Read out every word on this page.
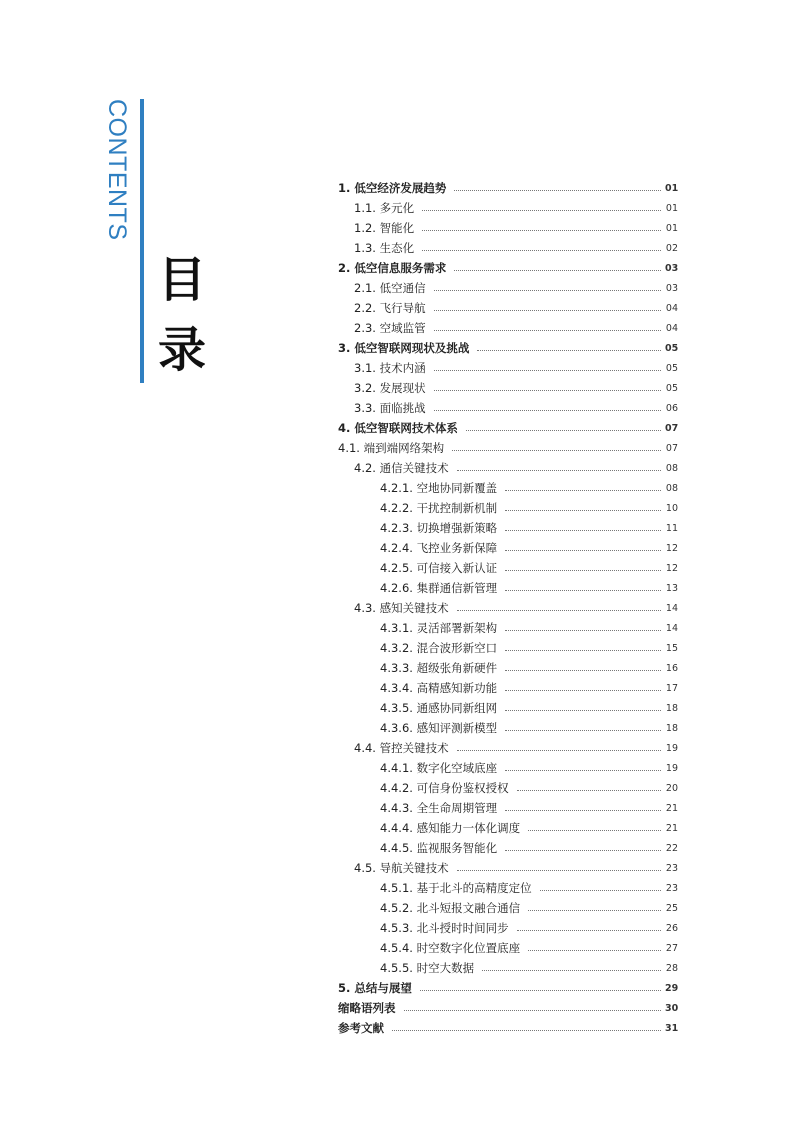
CONTENTS
目
录
1. 低空经济发展趋势	01
1.1. 多元化	01
1.2. 智能化	01
1.3. 生态化	02
2. 低空信息服务需求	03
2.1. 低空通信	03
2.2. 飞行导航	04
2.3. 空域监管	04
3. 低空智联网现状及挑战	05
3.1. 技术内涵	05
3.2. 发展现状	05
3.3. 面临挑战	06
4. 低空智联网技术体系	07
4.1. 端到端网络架构	07
4.2. 通信关键技术	08
4.2.1. 空地协同新覆盖	08
4.2.2. 干扰控制新机制	10
4.2.3. 切换增强新策略	11
4.2.4. 飞控业务新保障	12
4.2.5. 可信接入新认证	12
4.2.6. 集群通信新管理	13
4.3. 感知关键技术	14
4.3.1. 灵活部署新架构	14
4.3.2. 混合波形新空口	15
4.3.3. 超级张角新硬件	16
4.3.4. 高精感知新功能	17
4.3.5. 通感协同新组网	18
4.3.6. 感知评测新模型	18
4.4. 管控关键技术	19
4.4.1. 数字化空域底座	19
4.4.2. 可信身份鉴权授权	20
4.4.3. 全生命周期管理	21
4.4.4. 感知能力一体化调度	21
4.4.5. 监视服务智能化	22
4.5. 导航关键技术	23
4.5.1. 基于北斗的高精度定位	23
4.5.2. 北斗短报文融合通信	25
4.5.3. 北斗授时时间同步	26
4.5.4. 时空数字化位置底座	27
4.5.5. 时空大数据	28
5. 总结与展望	29
缩略语列表	30
参考文献	31
